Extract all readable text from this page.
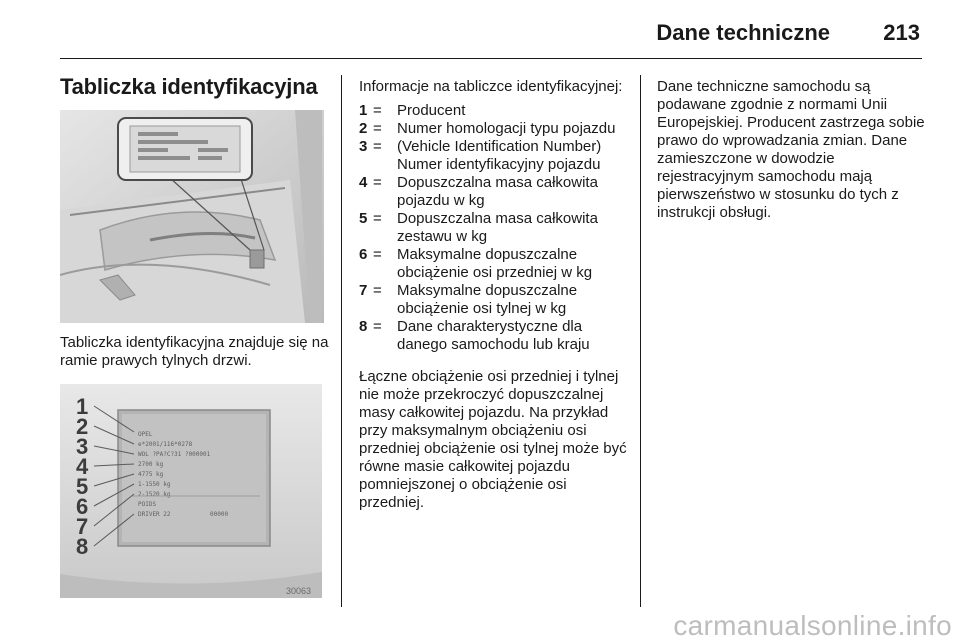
Dane techniczne 213
Tabliczka identyfikacyjna
Tabliczka identyfikacyjna znajduje się na ramie prawych tylnych drzwi.
1
2
3
4
5
6
7
8
OPEL
e*2001/116*0278
WOL ?PA?C?31 ?000001
2700 kg
4775 kg
1-1550 kg
2-1520 kg
POIDS
DRIVER 22	00000
30063
Informacje na tabliczce identyfikacyjnej:
1 =	Producent
2 =	Numer homologacji typu pojazdu
3 =	(Vehicle Identification Number) Numer identyfikacyjny pojazdu
4 =	Dopuszczalna masa całkowita pojazdu w kg
5 =	Dopuszczalna masa całkowita zestawu w kg
6 =	Maksymalne dopuszczalne obciążenie osi przedniej w kg
7 =	Maksymalne dopuszczalne obciążenie osi tylnej w kg
8 =	Dane charakterystyczne dla danego samochodu lub kraju
Łączne obciążenie osi przedniej i tylnej nie może przekroczyć dopuszczalnej masy całkowitej pojazdu. Na przykład przy maksymalnym obciążeniu osi przedniej obciążenie osi tylnej może być równe masie całkowitej pojazdu pomniejszonej o obciążenie osi przedniej.
Dane techniczne samochodu są podawane zgodnie z normami Unii Europejskiej. Producent zastrzega sobie prawo do wprowadzania zmian. Dane zamieszczone w dowodzie rejestracyjnym samochodu mają pierwszeństwo w stosunku do tych z instrukcji obsługi.
carmanualsonline.info
